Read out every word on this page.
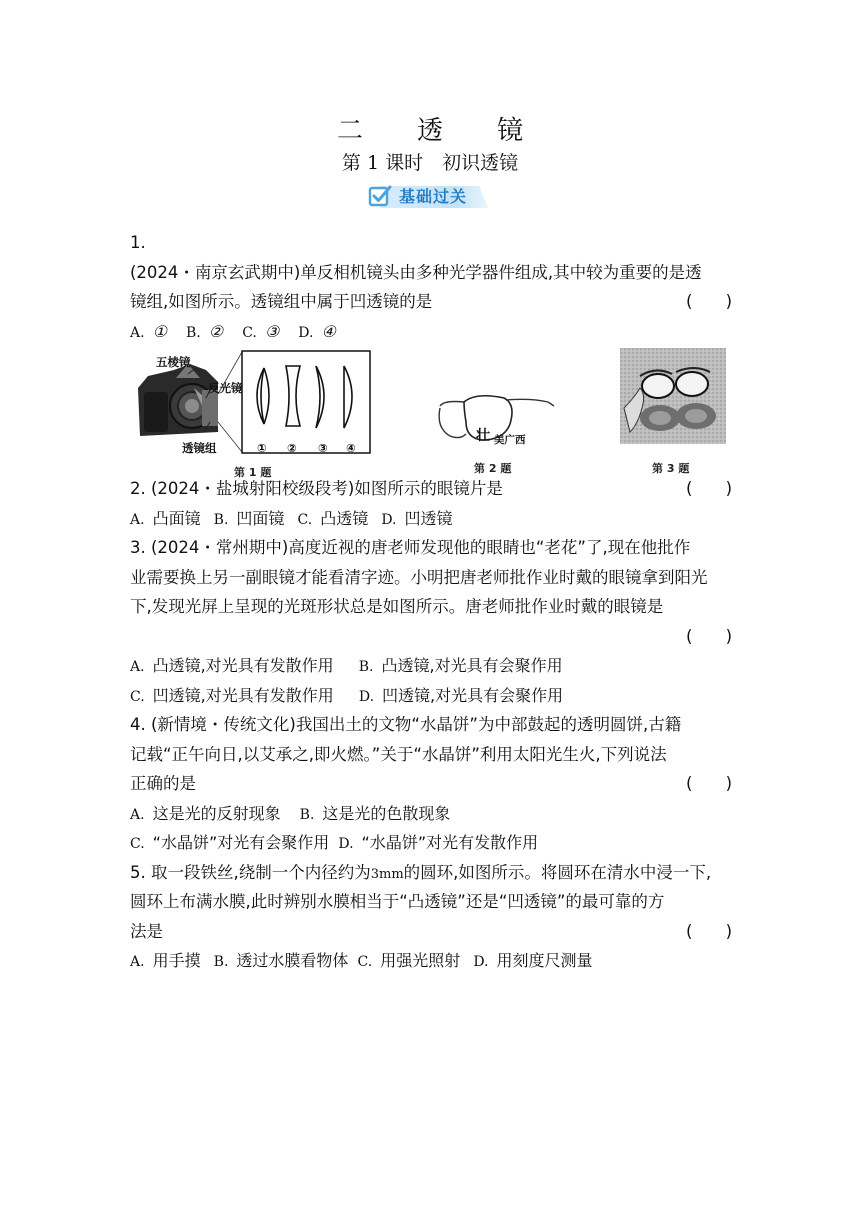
二　透　镜
第 1 课时　初识透镜
基础过关
1.
(2024・南京玄武期中)单反相机镜头由多种光学器件组成,其中较为重要的是透
镜组,如图所示。透镜组中属于凹透镜的是	( )
A. ① B. ② C. ③ D. ④
五棱镜
反光镜
透镜组	① ② ③ ④
第 1 题
壮 美广西
第 2 题	第 3 题
2. (2024・盐城射阳校级段考)如图所示的眼镜片是	( )
A. 凸面镜 B. 凹面镜 C. 凸透镜 D. 凹透镜
3. (2024・常州期中)高度近视的唐老师发现他的眼睛也“老花”了,现在他批作
业需要换上另一副眼镜才能看清字迹。小明把唐老师批作业时戴的眼镜拿到阳光
下,发现光屏上呈现的光斑形状总是如图所示。唐老师批作业时戴的眼镜是
( )
A. 凸透镜,对光具有发散作用 B. 凸透镜,对光具有会聚作用
C. 凹透镜,对光具有发散作用 D. 凹透镜,对光具有会聚作用
4. (新情境・传统文化)我国出土的文物“水晶饼”为中部鼓起的透明圆饼,古籍
记载“正午向日,以艾承之,即火燃。”关于“水晶饼”利用太阳光生火,下列说法
正确的是	( )
A. 这是光的反射现象 B. 这是光的色散现象
C. “水晶饼”对光有会聚作用 D. “水晶饼”对光有发散作用
5. 取一段铁丝,绕制一个内径约为3mm的圆环,如图所示。将圆环在清水中浸一下,
圆环上布满水膜,此时辨别水膜相当于“凸透镜”还是“凹透镜”的最可靠的方
法是	( )
A. 用手摸 B. 透过水膜看物体 C. 用强光照射 D. 用刻度尺测量
